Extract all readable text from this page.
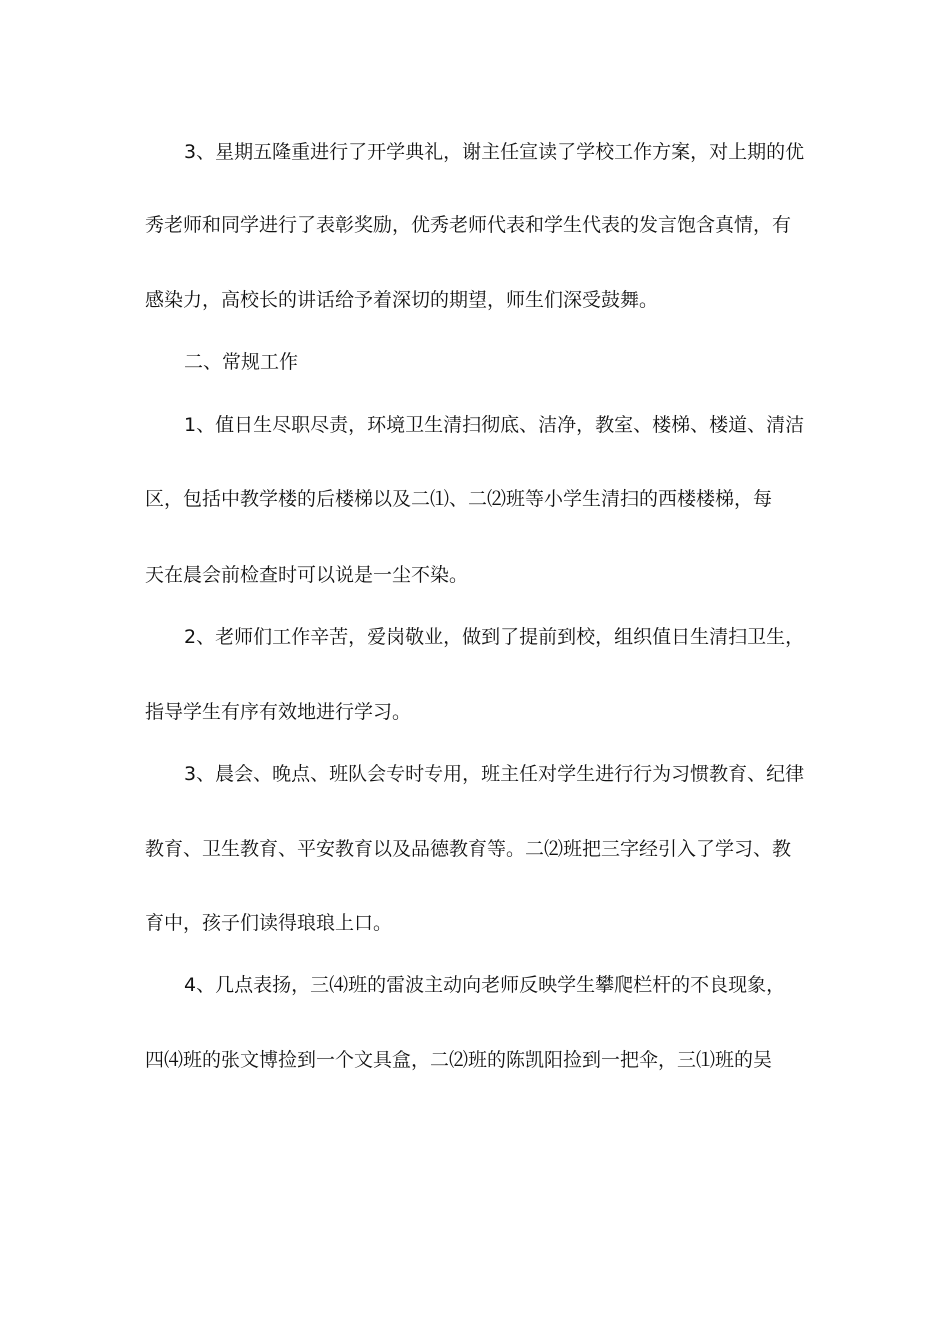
3、星期五隆重进行了开学典礼，谢主任宣读了学校工作方案，对上期的优
秀老师和同学进行了表彰奖励，优秀老师代表和学生代表的发言饱含真情，有
感染力，高校长的讲话给予着深切的期望，师生们深受鼓舞。
二、常规工作
1、值日生尽职尽责，环境卫生清扫彻底、洁净，教室、楼梯、楼道、清洁
区，包括中教学楼的后楼梯以及二⑴、二⑵班等小学生清扫的西楼楼梯，每
天在晨会前检查时可以说是一尘不染。
2、老师们工作辛苦，爱岗敬业，做到了提前到校，组织值日生清扫卫生，
指导学生有序有效地进行学习。
3、晨会、晚点、班队会专时专用，班主任对学生进行行为习惯教育、纪律
教育、卫生教育、平安教育以及品德教育等。二⑵班把三字经引入了学习、教
育中，孩子们读得琅琅上口。
4、几点表扬，三⑷班的雷波主动向老师反映学生攀爬栏杆的不良现象，
四⑷班的张文博捡到一个文具盒，二⑵班的陈凯阳捡到一把伞，三⑴班的吴
